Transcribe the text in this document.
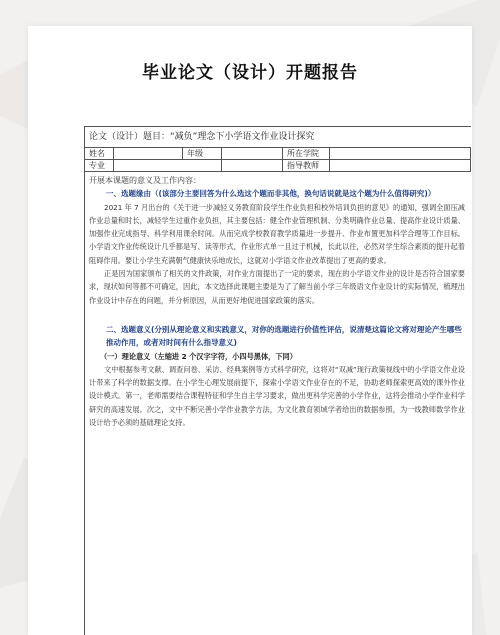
毕业论文（设计）开题报告
论文（设计）题目：“减负”理念下小学语文作业设计探究
姓名		年级		所在学院	
专业				指导教师	
开展本课题的意义及工作内容：
一、选题缘由（(该部分主要回答为什么选这个题而非其他，换句话说就是这个题为什么值得研究)）
2021 年 7 月出台的《关于进一步减轻义务教育阶段学生作业负担和校外培训负担的意见》的通知，强调全面压减作业总量和时长，减轻学生过重作业负担，其主要包括：健全作业管理机制、分类明确作业总量、提高作业设计质量、加强作业完成指导、科学利用课余时间。从而完成学校教育教学质量进一步提升、作业布置更加科学合理等工作目标。小学语文作业传统设计几乎都是写、读等形式，作业形式单一且过于机械，长此以往，必然对学生综合素质的提升起着阻碍作用。要让小学生充满朝气健康快乐地成长，这就对小学语文作业改革提出了更高的要求。
正是因为国家颁布了相关的文件政策，对作业方面提出了一定的要求，现在的小学语文作业的设计是否符合国家要求，现状如何等都不可确定，因此，本文选择此课题主要是为了了解当前小学三年级语文作业设计的实际情况，梳理出作业设计中存在的问题，并分析原因，从而更好地促进国家政策的落实。
二、选题意义(分别从理论意义和实践意义，对你的选题进行价值性评估，说清楚这篇论文将对理论产生哪些推动作用，或者对时间有什么指导意义)
（一）理论意义（左缩进 2 个汉字字符，小四号黑体，下同）
文中根据参考文献、调查问卷、采访、经典案例等方式科学研究，这将对“双减”现行政策视线中的小学语文作业设计带来了科学的数据支撑。在小学生心理发展前提下，探索小学语文作业存在的不足，协助老师探索更高效的课外作业设计模式。第一，老师需要结合课程特征和学生自主学习要求，做出更科学完善的小学作业，这将会推动小学作业科学研究的高速发展。次之，文中不断完善小学作业教学方法，为文化教育领域学者给出的数据参照，为一线教师数学作业设计给予必须的基础理论支持。
